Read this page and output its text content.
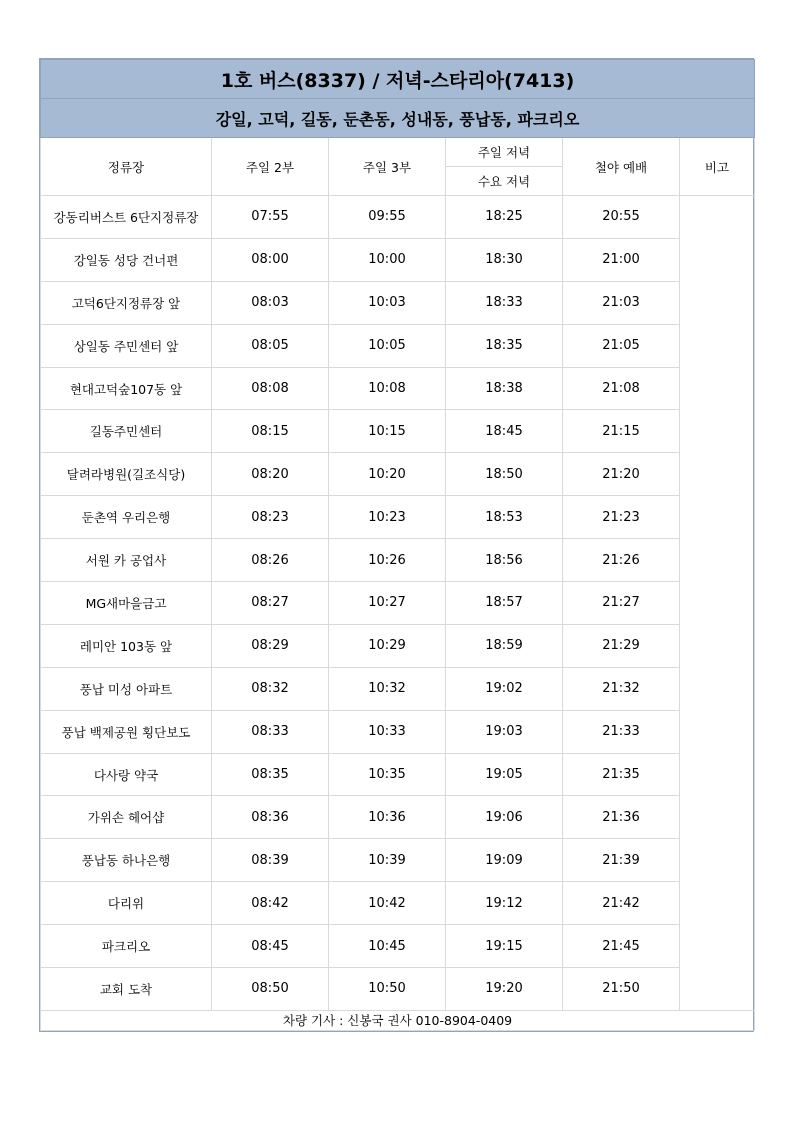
1호 버스(8337) / 저녁-스타리아(7413)					
강일, 고덕, 길동, 둔촌동, 성내동, 풍납동, 파크리오					
정류장	주일 2부	주일 3부	주일 저녁	철야 예배	비고
			수요 저녁		
강동리버스트 6단지정류장	07:55	09:55	18:25	20:55	
강일동 성당 건너편	08:00	10:00	18:30	21:00	
고덕6단지정류장 앞	08:03	10:03	18:33	21:03	
상일동 주민센터 앞	08:05	10:05	18:35	21:05	
현대고덕숲107동 앞	08:08	10:08	18:38	21:08	
길동주민센터	08:15	10:15	18:45	21:15	
달려라병원(길조식당)	08:20	10:20	18:50	21:20	
둔촌역 우리은행	08:23	10:23	18:53	21:23	
서원 카 공업사	08:26	10:26	18:56	21:26	
MG새마을금고	08:27	10:27	18:57	21:27	
레미안 103동 앞	08:29	10:29	18:59	21:29	
풍납 미성 아파트	08:32	10:32	19:02	21:32	
풍납 백제공원 횡단보도	08:33	10:33	19:03	21:33	
다사랑 약국	08:35	10:35	19:05	21:35	
가위손 헤어샵	08:36	10:36	19:06	21:36	
풍납동 하나은행	08:39	10:39	19:09	21:39	
다리위	08:42	10:42	19:12	21:42	
파크리오	08:45	10:45	19:15	21:45	
교회 도착	08:50	10:50	19:20	21:50	
차량 기사 : 신봉국 권사 010-8904-0409					
